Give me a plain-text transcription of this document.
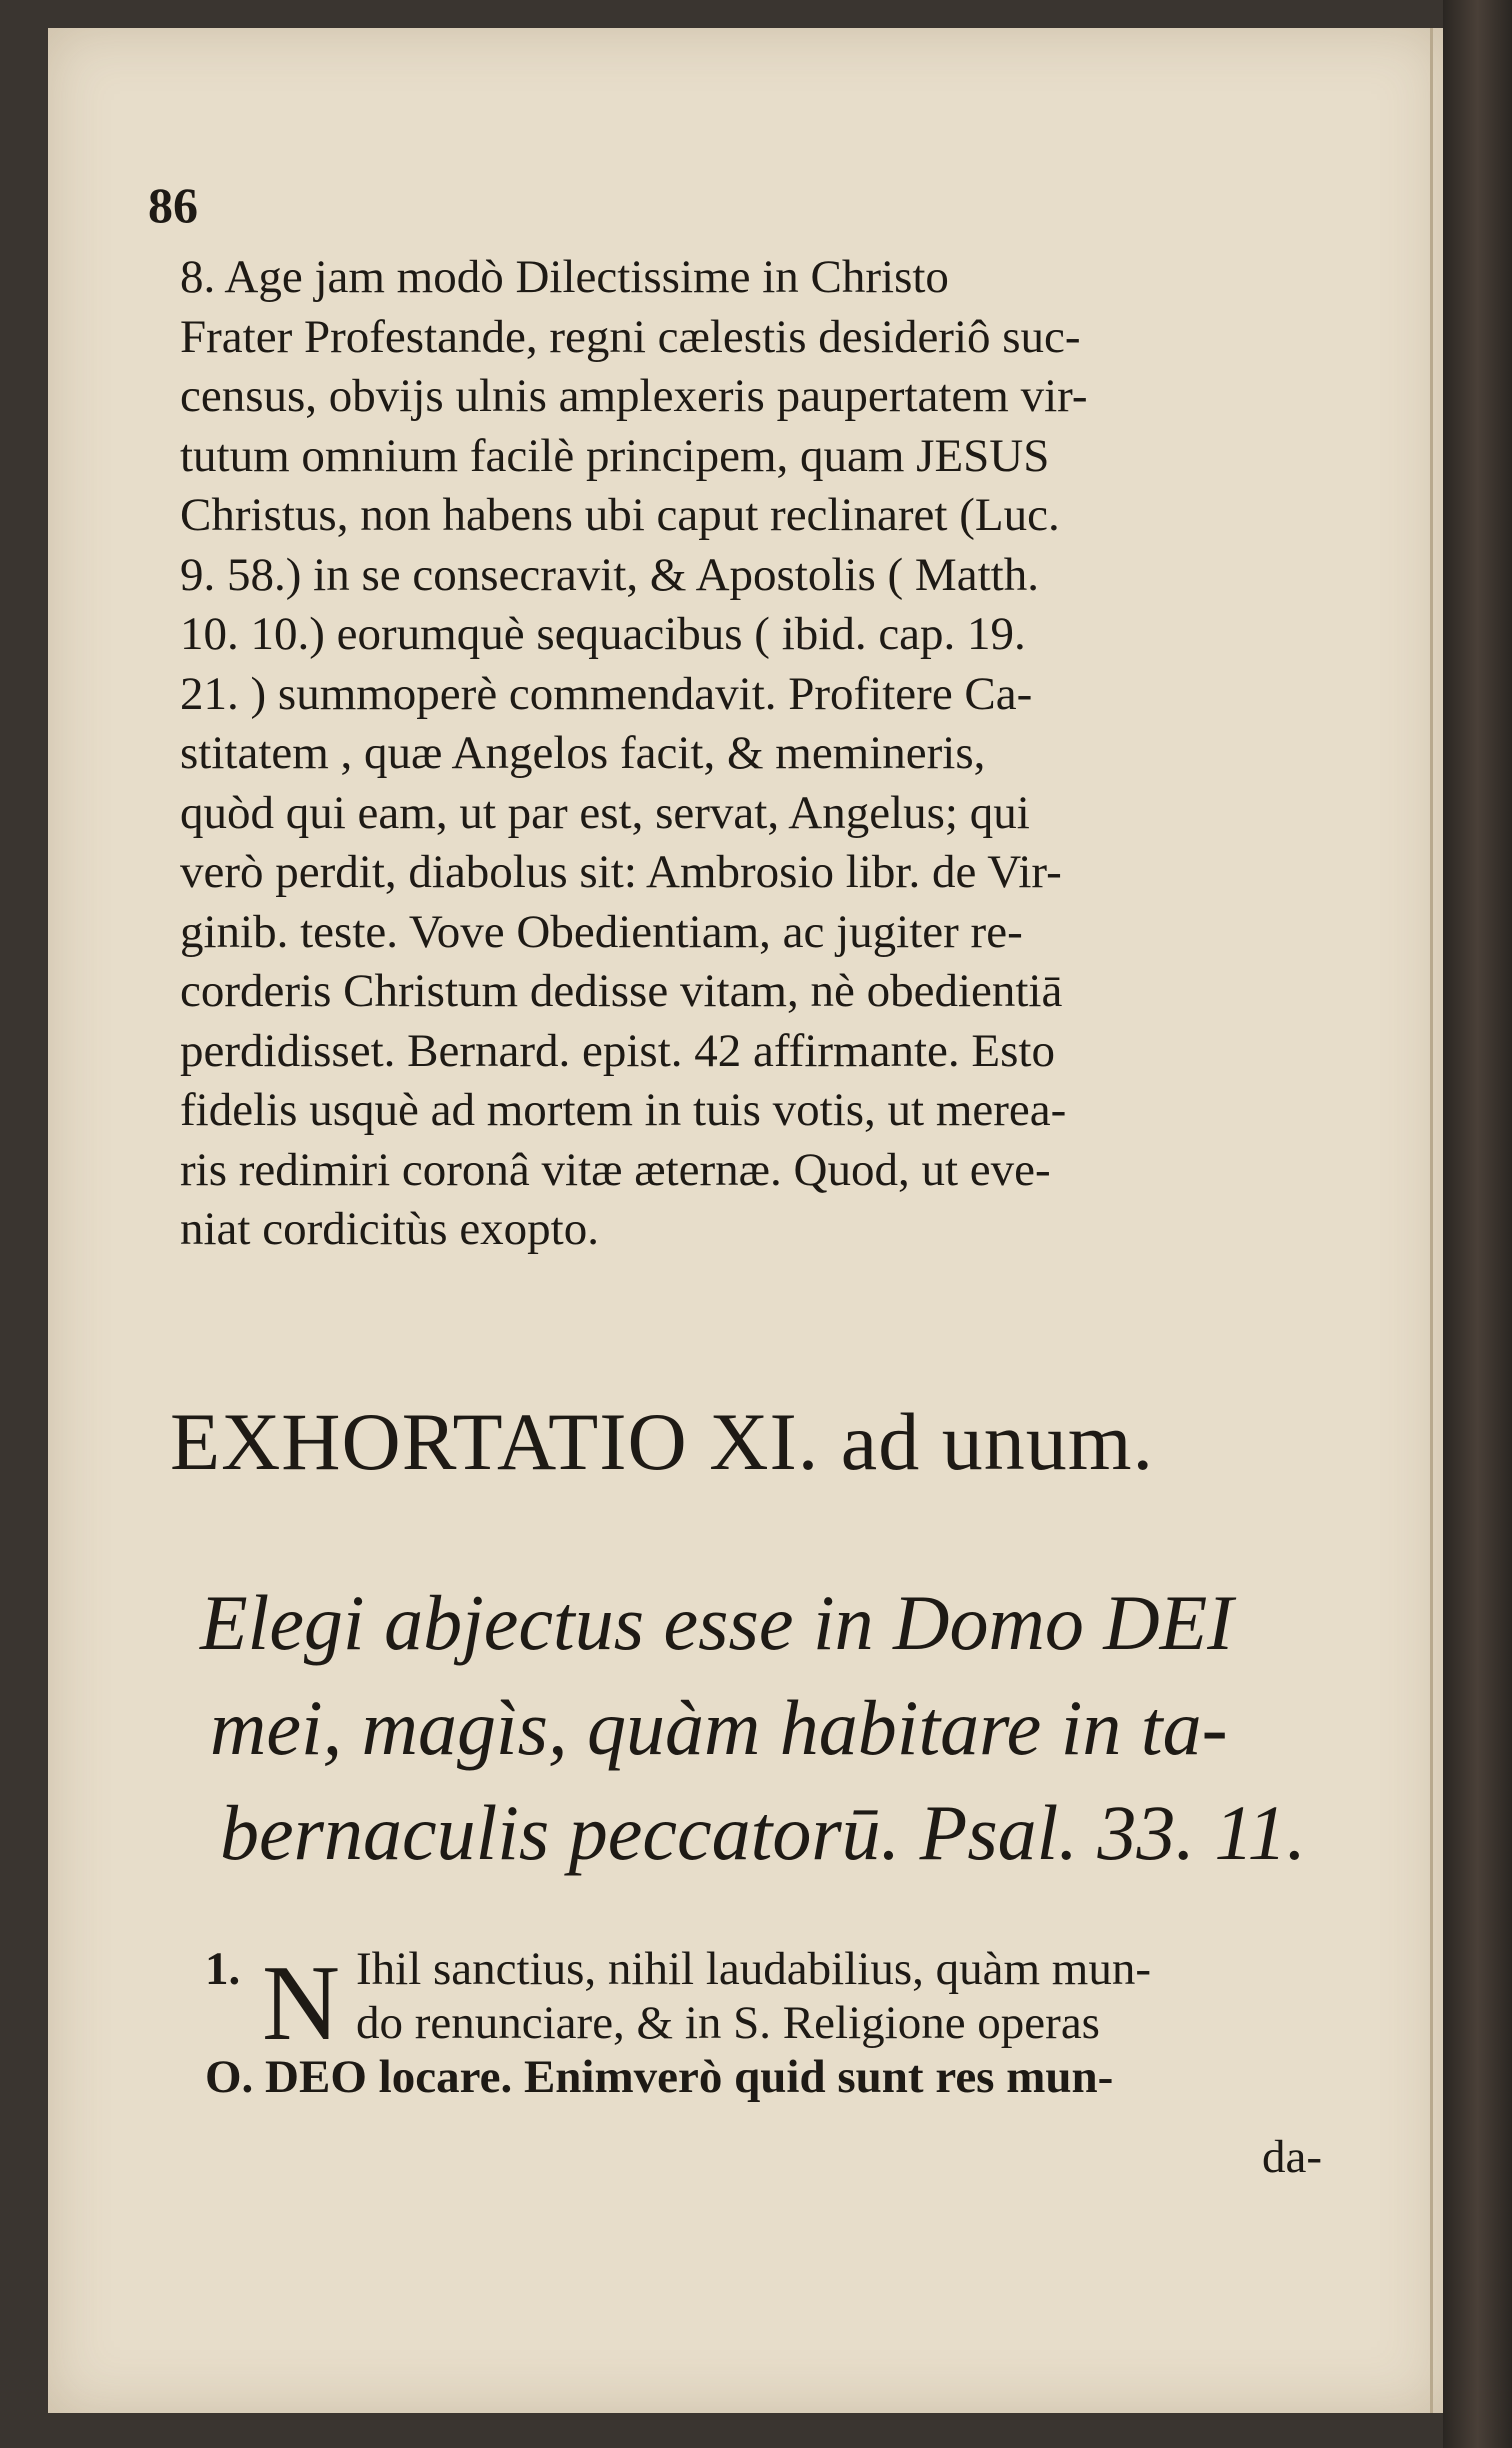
86
8. Age jam modò Dilectissime in Christo
Frater Profestande, regni cælestis desideriô suc-
census, obvijs ulnis amplexeris paupertatem vir-
tutum omnium facilè principem, quam JESUS
Christus, non habens ubi caput reclinaret (Luc.
9. 58.) in se consecravit, & Apostolis ( Matth.
10. 10.) eorumquè sequacibus ( ibid. cap. 19.
21. ) summoperè commendavit. Profitere Ca-
stitatem , quæ Angelos facit, & memineris,
quòd qui eam, ut par est, servat, Angelus; qui
verò perdit, diabolus sit: Ambrosio libr. de Vir-
ginib. teste. Vove Obedientiam, ac jugiter re-
corderis Christum dedisse vitam, nè obedientiā
perdidisset. Bernard. epist. 42 affirmante. Esto
fidelis usquè ad mortem in tuis votis, ut merea-
ris redimiri coronâ vitæ æternæ. Quod, ut eve-
niat cordicitùs exopto.
EXHORTATIO XI. ad unum.
Elegi abjectus esse in Domo DEI
mei, magìs, quàm habitare in ta-
bernaculis peccatorū. Psal. 33. 11.
1. N Ihil sanctius, nihil laudabilius, quàm mun-
do renunciare, & in S. Religione operas
O. DEO locare. Enimverò quid sunt res mun-
da-
